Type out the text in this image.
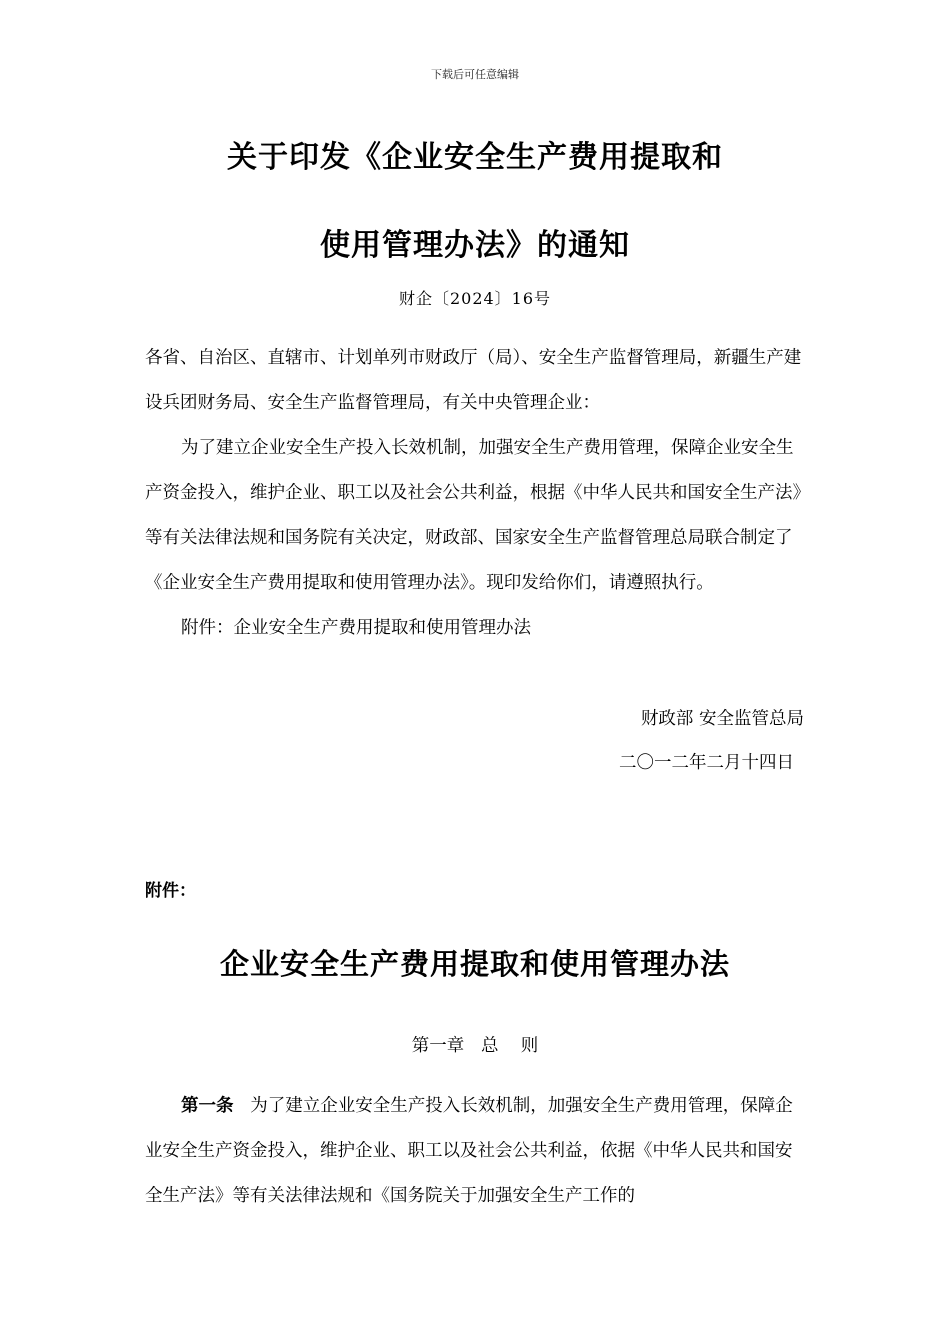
下载后可任意编辑
关于印发《企业安全生产费用提取和
使用管理办法》的通知
财企〔2024〕16号

各省、自治区、直辖市、计划单列市财政厅（局）、安全生产监督管理局，新疆生产建设兵团财务局、安全生产监督管理局，有关中央管理企业：

为了建立企业安全生产投入长效机制，加强安全生产费用管理，保障企业安全生产资金投入，维护企业、职工以及社会公共利益，根据《中华人民共和国安全生产法》等有关法律法规和国务院有关决定，财政部、国家安全生产监督管理总局联合制定了《企业安全生产费用提取和使用管理办法》。现印发给你们，请遵照执行。

附件：企业安全生产费用提取和使用管理办法

财政部 安全监管总局
二〇一二年二月十四日
附件：
企业安全生产费用提取和使用管理办法
第一章   总    则

第一条 为了建立企业安全生产投入长效机制，加强安全生产费用管理，保障企业安全生产资金投入，维护企业、职工以及社会公共利益，依据《中华人民共和国安全生产法》等有关法律法规和《国务院关于加强安全生产工作的
